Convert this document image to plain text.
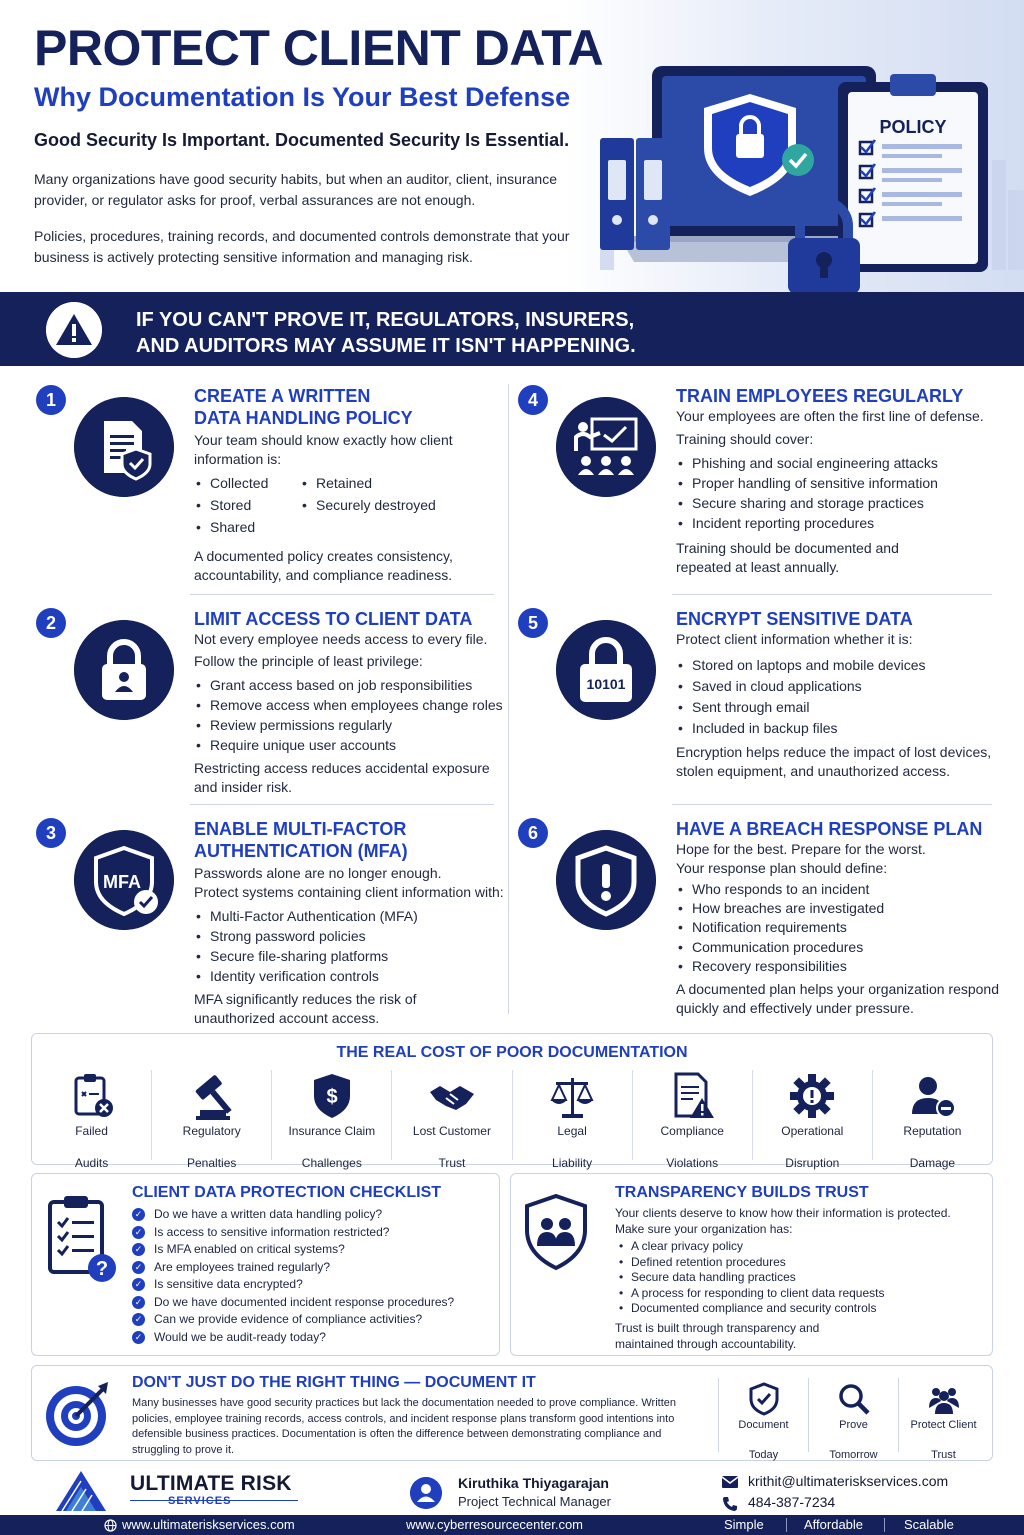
PROTECT CLIENT DATA
Why Documentation Is Your Best Defense
Good Security Is Important. Documented Security Is Essential.

Many organizations have good security habits, but when an auditor, client, insurance provider, or regulator asks for proof, verbal assurances are not enough.

Policies, procedures, training records, and documented controls demonstrate that your business is actively protecting sensitive information and managing risk.

POLICY
IF YOU CAN'T PROVE IT, REGULATORS, INSURERS,
AND AUDITORS MAY ASSUME IT ISN'T HAPPENING.
1	CREATE A WRITTEN
DATA HANDLING POLICY

Your team should know exactly how client information is:

• Collected
• Stored
• Shared
• Retained
• Securely destroyed

A documented policy creates consistency, accountability, and compliance readiness.

2	LIMIT ACCESS TO CLIENT DATA

Not every employee needs access to every file.

Follow the principle of least privilege:

• Grant access based on job responsibilities
• Remove access when employees change roles
• Review permissions regularly
• Require unique user accounts

Restricting access reduces accidental exposure and insider risk.

3
MFA
ENABLE MULTI-FACTOR
AUTHENTICATION (MFA)

Passwords alone are no longer enough.

Protect systems containing client information with:

• Multi-Factor Authentication (MFA)
• Strong password policies
• Secure file-sharing platforms
• Identity verification controls

MFA significantly reduces the risk of unauthorized account access.

4	TRAIN EMPLOYEES REGULARLY

Your employees are often the first line of defense.

Training should cover:

• Phishing and social engineering attacks
• Proper handling of sensitive information
• Secure sharing and storage practices
• Incident reporting procedures

Training should be documented and repeated at least annually.

5
10101
ENCRYPT SENSITIVE DATA

Protect client information whether it is:

• Stored on laptops and mobile devices
• Saved in cloud applications
• Sent through email
• Included in backup files

Encryption helps reduce the impact of lost devices, stolen equipment, and unauthorized access.

6	HAVE A BREACH RESPONSE PLAN

Hope for the best. Prepare for the worst.

Your response plan should define:

• Who responds to an incident
• How breaches are investigated
• Notification requirements
• Communication procedures
• Recovery responsibilities

A documented plan helps your organization respond quickly and effectively under pressure.

THE REAL COST OF POOR DOCUMENTATION
Failed

Audits
Regulatory

Penalties
$
Insurance Claim

Challenges
Lost Customer

Trust
Legal

Liability
Compliance

Violations
Operational

Disruption
Reputation

Damage
?
CLIENT DATA PROTECTION CHECKLIST
✓ Do we have a written data handling policy?
✓ Is access to sensitive information restricted?
✓ Is MFA enabled on critical systems?
✓ Are employees trained regularly?
✓ Is sensitive data encrypted?
✓ Do we have documented incident response procedures?
✓ Can we provide evidence of compliance activities?
✓ Would we be audit-ready today?
TRANSPARENCY BUILDS TRUST
Your clients deserve to know how their information is protected.
Make sure your organization has:
• A clear privacy policy
• Defined retention procedures
• Secure data handling practices
• A process for responding to client data requests
• Documented compliance and security controls
Trust is built through transparency and maintained through accountability.
DON'T JUST DO THE RIGHT THING — DOCUMENT IT

Many businesses have good security practices but lack the documentation needed to prove compliance. Written policies, employee training records, access controls, and incident response plans transform good intentions into defensible business practices. Documentation is often the difference between demonstrating compliance and struggling to prove it.

Document

Today
Prove

Tomorrow
Protect Client

Trust
ULTIMATE RISK
SERVICES
Kiruthika Thiyagarajan
Project Technical Manager
krithit@ultimateriskservices.com
484-387-7234
www.ultimateriskservices.com	www.cyberresourcecenter.com	Simple	Affordable	Scalable
